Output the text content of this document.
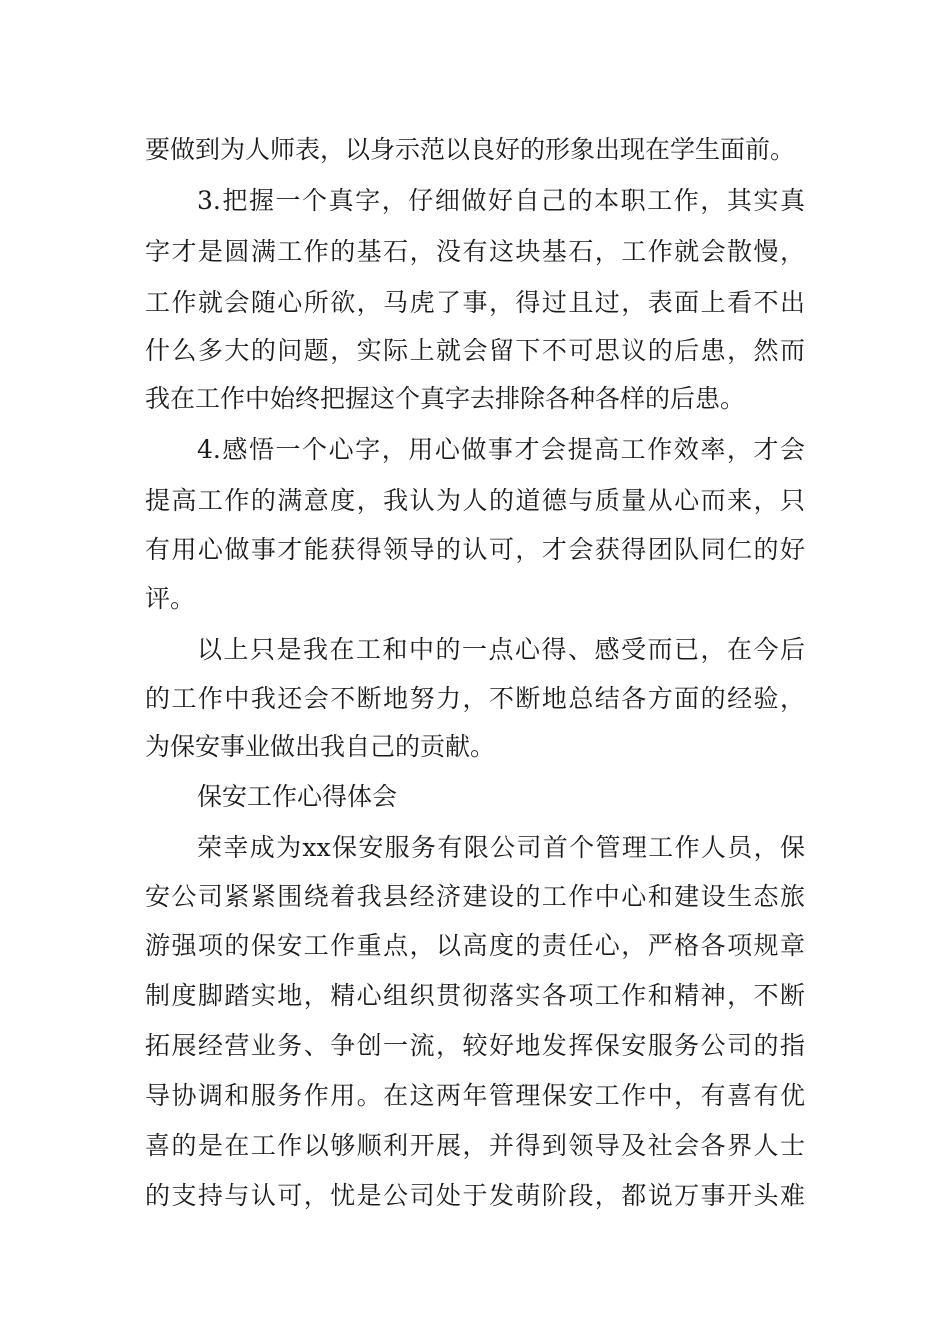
要做到为人师表，以身示范以良好的形象出现在学生面前。
3.把握一个真字，仔细做好自己的本职工作，其实真
字才是圆满工作的基石，没有这块基石，工作就会散慢，
工作就会随心所欲，马虎了事，得过且过，表面上看不出
什么多大的问题，实际上就会留下不可思议的后患，然而
我在工作中始终把握这个真字去排除各种各样的后患。
4.感悟一个心字，用心做事才会提高工作效率，才会
提高工作的满意度，我认为人的道德与质量从心而来，只
有用心做事才能获得领导的认可，才会获得团队同仁的好
评。
以上只是我在工和中的一点心得、感受而已，在今后
的工作中我还会不断地努力，不断地总结各方面的经验，
为保安事业做出我自己的贡献。
保安工作心得体会
荣幸成为xx保安服务有限公司首个管理工作人员，保
安公司紧紧围绕着我县经济建设的工作中心和建设生态旅
游强项的保安工作重点，以高度的责任心，严格各项规章
制度脚踏实地，精心组织贯彻落实各项工作和精神，不断
拓展经营业务、争创一流，较好地发挥保安服务公司的指
导协调和服务作用。在这两年管理保安工作中，有喜有优
喜的是在工作以够顺利开展，并得到领导及社会各界人士
的支持与认可，忧是公司处于发萌阶段，都说万事开头难
